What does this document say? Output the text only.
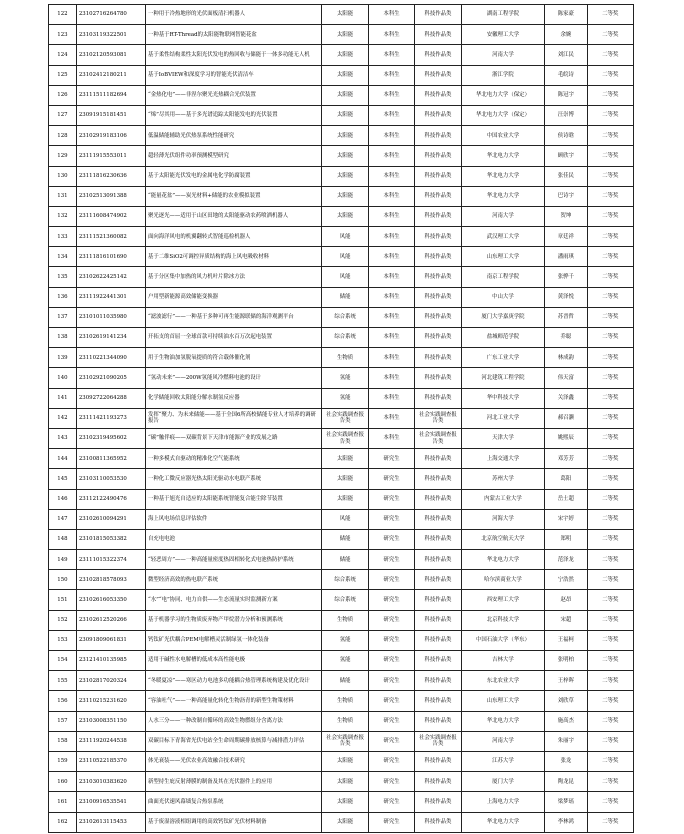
122	23102716264780	一种用于冷热地形的光伏面板清扫机器人	太阳能	本科生	科技作品类	湖南工程学院	陈家豪	二等奖
123	23103119322501	一种基于RT-Thread的太阳能物联网智能花盆	太阳能	本科生	科技作品类	安徽理工大学	余婉	二等奖
124	23102120593081	基于柔性结构柔性太阳光伏发电的热回收与储能于一体多功能无人机	太阳能	本科生	科技作品类	河南大学	刘江民	二等奖
125	23102412180211	基于IoBVIEW和深度学习的智能光伏清洁车	太阳能	本科生	科技作品类	浙江学院	毛皖诗	二等奖
126	23111511182694	“金热化电”——非涅尔聚光光热耦合光伏装置	太阳能	本科生	科技作品类	华北电力大学（保定）	陈冠宇	二等奖
127	23091915181451	“烯”尽其用——基于多光谱追踪太阳能发电的光伏装置	太阳能	本科生	科技作品类	华北电力大学（保定）	汪崇博	二等奖
128	23102919183106	低温储能辅助光伏热泵系统性能研究	太阳能	本科生	科技作品类	中国农业大学	侯诗晗	二等奖
129	23111915553011	超轻薄光伏组件功率预测模型研究	太阳能	本科生	科技作品类	华北电力大学	顾欣宇	二等奖
130	23111816230636	基于太阳能光伏发电的金属电化学防腐装置	太阳能	本科生	科技作品类	华北电力大学	张佳民	二等奖
131	23102513091388	“能量花盆”——炭光材料+储能的农业模拟装置	太阳能	本科生	科技作品类	华北电力大学	巴诗宇	二等奖
132	23111608474902	聚光逐光——适用于山区田地的太阳能驱动农药喷洒机器人	太阳能	本科生	科技作品类	河南大学	贺坤	二等奖
133	23111521360082	面向海洋风电的机翼翻转式智能巡检机器人	风能	本科生	科技作品类	武汉理工大学	章廷祥	二等奖
134	23111816101690	基于二维SiO2可调控异质结构的海上风电吸收材料	风能	本科生	科技作品类	山东理工大学	潘雨琪	二等奖
135	23102622425142	基于分区集中加热的风力机叶片除冰方法	风能	本科生	科技作品类	南京工程学院	张骅千	二等奖
136	23111922441301	户用型新能源高效储能变换器	储能	本科生	科技作品类	中山大学	黄泽悦	二等奖
137	23101011035980	“滤波滤行”——一种基于多种可再生能源联储的海洋观测平台	综合系统	本科生	科技作品类	厦门大学嘉庚学院	苏晋哲	二等奖
138	23102619141234	开拓支的首屈一全球首款可持续油水百万次起电装置	综合系统	本科生	科技作品类	盐城师范学院	乔聪	二等奖
139	23110221344090	用于生物油加氢脱氧提质的符合载体催化剂	生物质	本科生	科技作品类	广东工业大学	林成韵	二等奖
140	23102921090205	“氢动未来”——200W氢能风冷燃料电池的设计	氢能	本科生	科技作品类	河北建筑工程学院	伟天富	二等奖
141	23092722064288	化学储能回收太阳能分解水制氢反应器	氢能	本科生	科技作品类	华中科技大学	关泽鑫	二等奖
142	23111421193273	发挥“聚力、为未来储能——基于全国6所高校储能专业人才培养的调研报告	社会实践调查报告类	本科生	社会实践调查报告类	河北工业大学	郝召灏	二等奖
143	23102319495602	“碳”触伴痕——双碳背景下天津市能源产业的发展之路	社会实践调查报告类	本科生	社会实践调查报告类	天津大学	姚熙辰	二等奖
144	23100811365952	一种多模式自驱动的精准化空气能系统	太阳能	研究生	科技作品类	上海交通大学	邓芳芳	二等奖
145	23103110053530	一种化工微反应器光热太阳光驱动水电联产系统	太阳能	研究生	科技作品类	苏州大学	葛阳	二等奖
146	23112122490476	一种基于旭光自适应的太阳能系统智能复合能尘除节装置	太阳能	研究生	科技作品类	内蒙古工业大学	岳士超	二等奖
147	23102610094291	海上风电场信息评估软件	风能	研究生	科技作品类	河海大学	宋宇婷	二等奖
148	23101815053382	自充电电池	储能	研究生	科技作品类	北京航空航天大学	郑明	二等奖
149	23111015322374	“轻恶周方”——一种高能量密度热固相转化式电池热防护系统	储能	研究生	科技作品类	华北电力大学	范泽龙	二等奖
150	23102818578093	微型经济高效的热电联产系统	综合系统	研究生	科技作品类	哈尔滨商业大学	宁浩然	二等奖
151	23102616053350	“水”“电”协同、电力自供——生态流量实时监测新方案	综合系统	研究生	科技作品类	西安理工大学	赵昂	二等奖
152	23102612520266	基于机器学习的生物质废弃物产甲烷潜力分析和预测系统	生物质	研究生	科技作品类	北京科技大学	宋超	二等奖
153	23091809061831	钙钛矿光伏耦合PEM电解槽灵活制绿氢一体化装备	氢能	研究生	科技作品类	中国石油大学（华东）	王福柯	二等奖
154	23121410135985	适用于碱性水电解槽的低成本高性能电极	氢能	研究生	科技作品类	吉林大学	张明柏	二等奖
155	23102817020324	“冬暖夏凉”——寒区动力电池多功能耦合热管理系统构建及优化设计	储能	研究生	科技作品类	东北农业大学	王梓晖	二等奖
156	23110215231620	“容油吐气”——一种高能量化转化生物沥青的新型生物策材料	生物质	研究生	科技作品类	山东理工大学	刘欣草	二等奖
157	23103008351150	人水三分——一种改制自循环的高效生物燃组分含离方法	生物质	研究生	科技作品类	华北电力大学	施高杰	二等奖
158	23111920244538	双碳目标下青海省光伏电站全生命周期碳排放核算与减排潜力评估	社会实践调查报告类	研究生	社会实践调查报告类	河南大学	朱丽宇	二等奖
159	23110522185370	体光衰装——光伏农业高效融合技术研究	太阳能	研究生	科技作品类	江苏大学	张龙	二等奖
160	23103010383620	新型持生庇反射薄膜的制备及其在光伏器件上的应用	太阳能	研究生	科技作品类	厦门大学	陶龙昆	二等奖
161	23100916535541	曲面光伏速风幕墙复合热泵系统	太阳能	研究生	科技作品类	上海电力大学	梁梦瑶	二等奖
162	23102613115453	基于废湿溶液相组调用的高效钙钛矿光伏材料制备	太阳能	研究生	科技作品类	华北电力大学	李林鸿	二等奖
